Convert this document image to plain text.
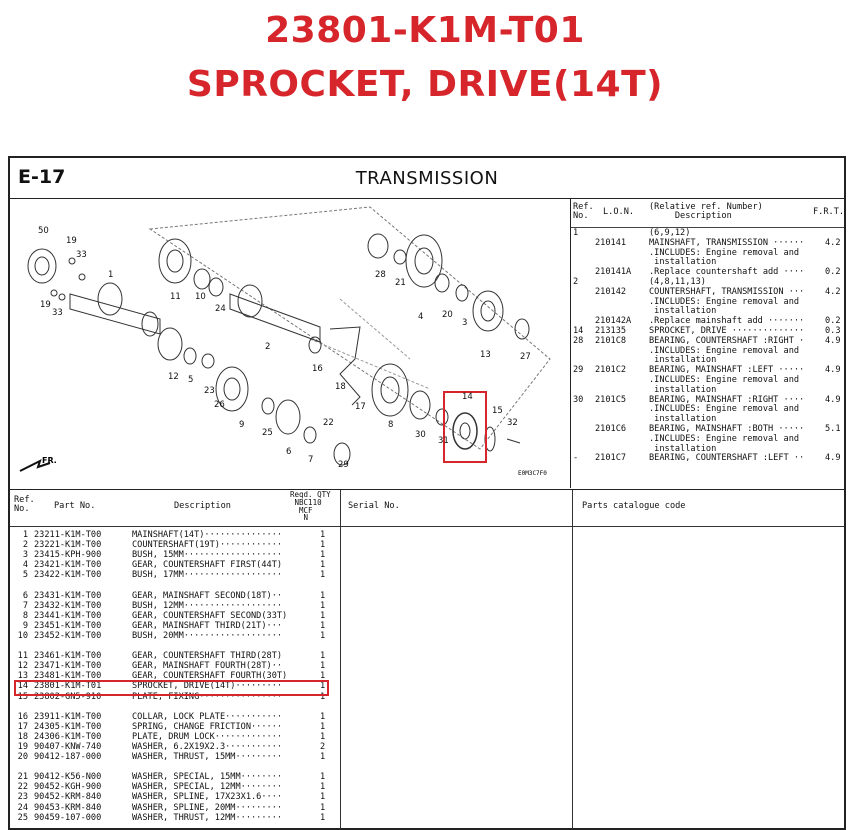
23801-K1M-T01
SPROCKET, DRIVE(14T)
E-17	TRANSMISSION
50
19
33
1
19
33
11 10
24
2
28
21
4 20
3
13	27
16
18
17
12 5
23
26
9
25
6
7
22
29
8
30
31
14
15
32
FR.
E0M3C7F0
Ref.
No.	L.O.N. (Relative ref. Number)
Description	F.R.T.
1	(6,9,12)
210141	MAINSHAFT, TRANSMISSION ······ 4.2
.INCLUDES: Engine removal and
installation
210141A .Replace countershaft add ···· 0.2
2	(4,8,11,13)
210142	COUNTERSHAFT, TRANSMISSION ··· 4.2
.INCLUDES: Engine removal and
installation
210142A .Replace mainshaft add ······· 0.2
14 213135	SPROCKET, DRIVE ·············· 0.3
28 2101C8	BEARING, COUNTERSHAFT :RIGHT · 4.9
.INCLUDES: Engine removal and
installation
29 2101C2	BEARING, MAINSHAFT :LEFT ····· 4.9
.INCLUDES: Engine removal and
installation
30 2101C5	BEARING, MAINSHAFT :RIGHT ···· 4.9
.INCLUDES: Engine removal and
installation
2101C6	BEARING, MAINSHAFT :BOTH ····· 5.1
.INCLUDES: Engine removal and
installation
- 2101C7	BEARING, COUNTERSHAFT :LEFT ·· 4.9
Ref.
No.	Part No.	Description
Reqd. QTY
NBC110
MCF
N
Serial No.	Parts catalogue code
1 23211-K1M-T00	MAINSHAFT(14T)···············	1
2 23221-K1M-T00	COUNTERSHAFT(19T)············	1
3 23415-KPH-900	BUSH, 15MM···················	1
4 23421-K1M-T00	GEAR, COUNTERSHAFT FIRST(44T)	1
5 23422-K1M-T00	BUSH, 17MM···················	1
6 23431-K1M-T00	GEAR, MAINSHAFT SECOND(18T)··	1
7 23432-K1M-T00	BUSH, 12MM···················	1
8 23441-K1M-T00	GEAR, COUNTERSHAFT SECOND(33T)	1
9 23451-K1M-T00	GEAR, MAINSHAFT THIRD(21T)···	1
10 23452-K1M-T00	BUSH, 20MM···················	1
11 23461-K1M-T00	GEAR, COUNTERSHAFT THIRD(28T)	1
12 23471-K1M-T00	GEAR, MAINSHAFT FOURTH(28T)··	1
13 23481-K1M-T00	GEAR, COUNTERSHAFT FOURTH(30T)	1
14 23801-K1M-T01	SPROCKET, DRIVE(14T)·········	1
15 23802-GN5-910	PLATE, FIXING················	1
16 23911-K1M-T00	COLLAR, LOCK PLATE···········	1
17 24305-K1M-T00	SPRING, CHANGE FRICTION······	1
18 24306-K1M-T00	PLATE, DRUM LOCK·············	1
19 90407-KNW-740	WASHER, 6.2X19X2.3···········	2
20 90412-187-000	WASHER, THRUST, 15MM·········	1
21 90412-K56-N00	WASHER, SPECIAL, 15MM········	1
22 90452-KGH-900	WASHER, SPECIAL, 12MM········	1
23 90452-KRM-840	WASHER, SPLINE, 17X23X1.6····	1
24 90453-KRM-840	WASHER, SPLINE, 20MM·········	1
25 90459-107-000	WASHER, THRUST, 12MM·········	1
